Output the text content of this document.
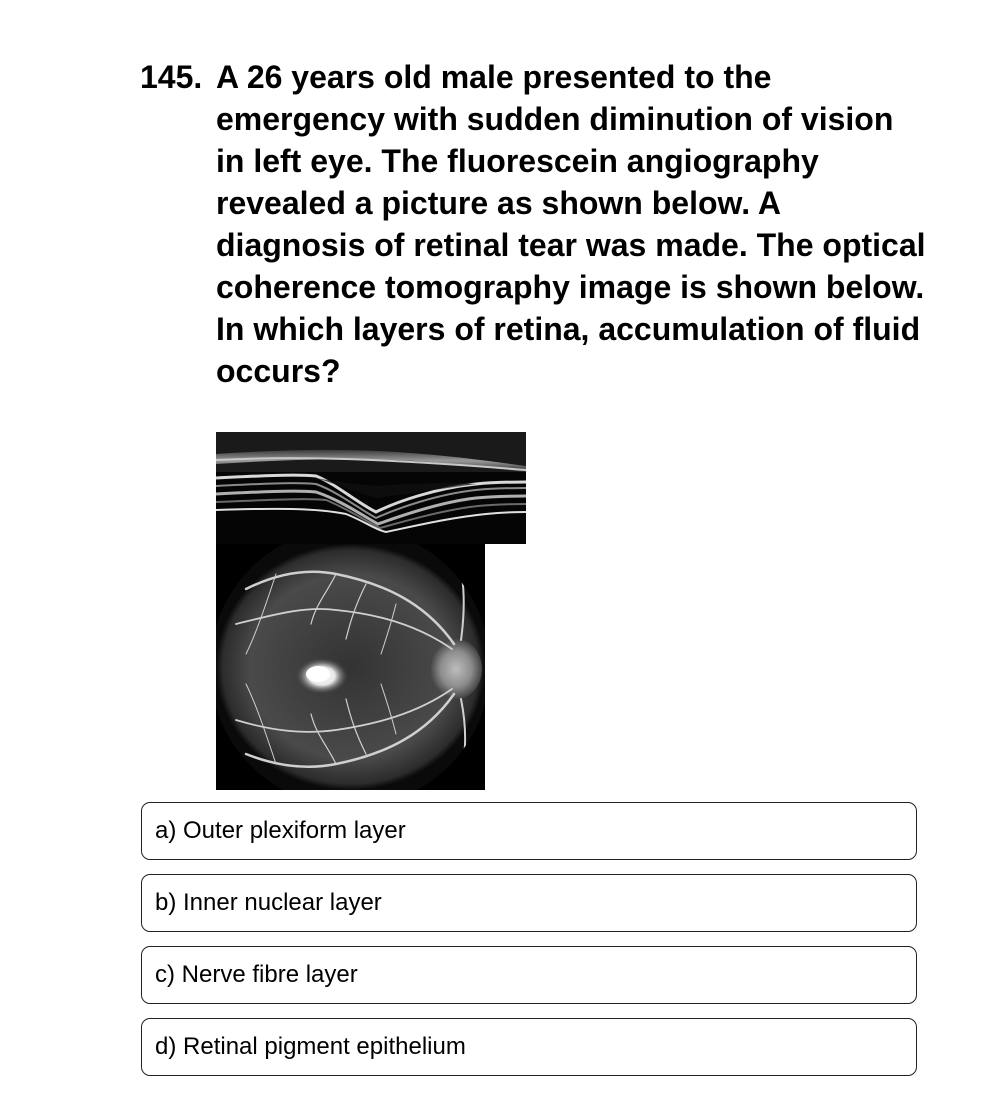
145. A 26 years old male presented to the emergency with sudden diminution of vision in left eye. The fluorescein angiography revealed a picture as shown below. A diagnosis of retinal tear was made. The optical coherence tomography image is shown below. In which layers of retina, accumulation of fluid occurs?
a) Outer plexiform layer
b) Inner nuclear layer
c) Nerve fibre layer
d) Retinal pigment epithelium
